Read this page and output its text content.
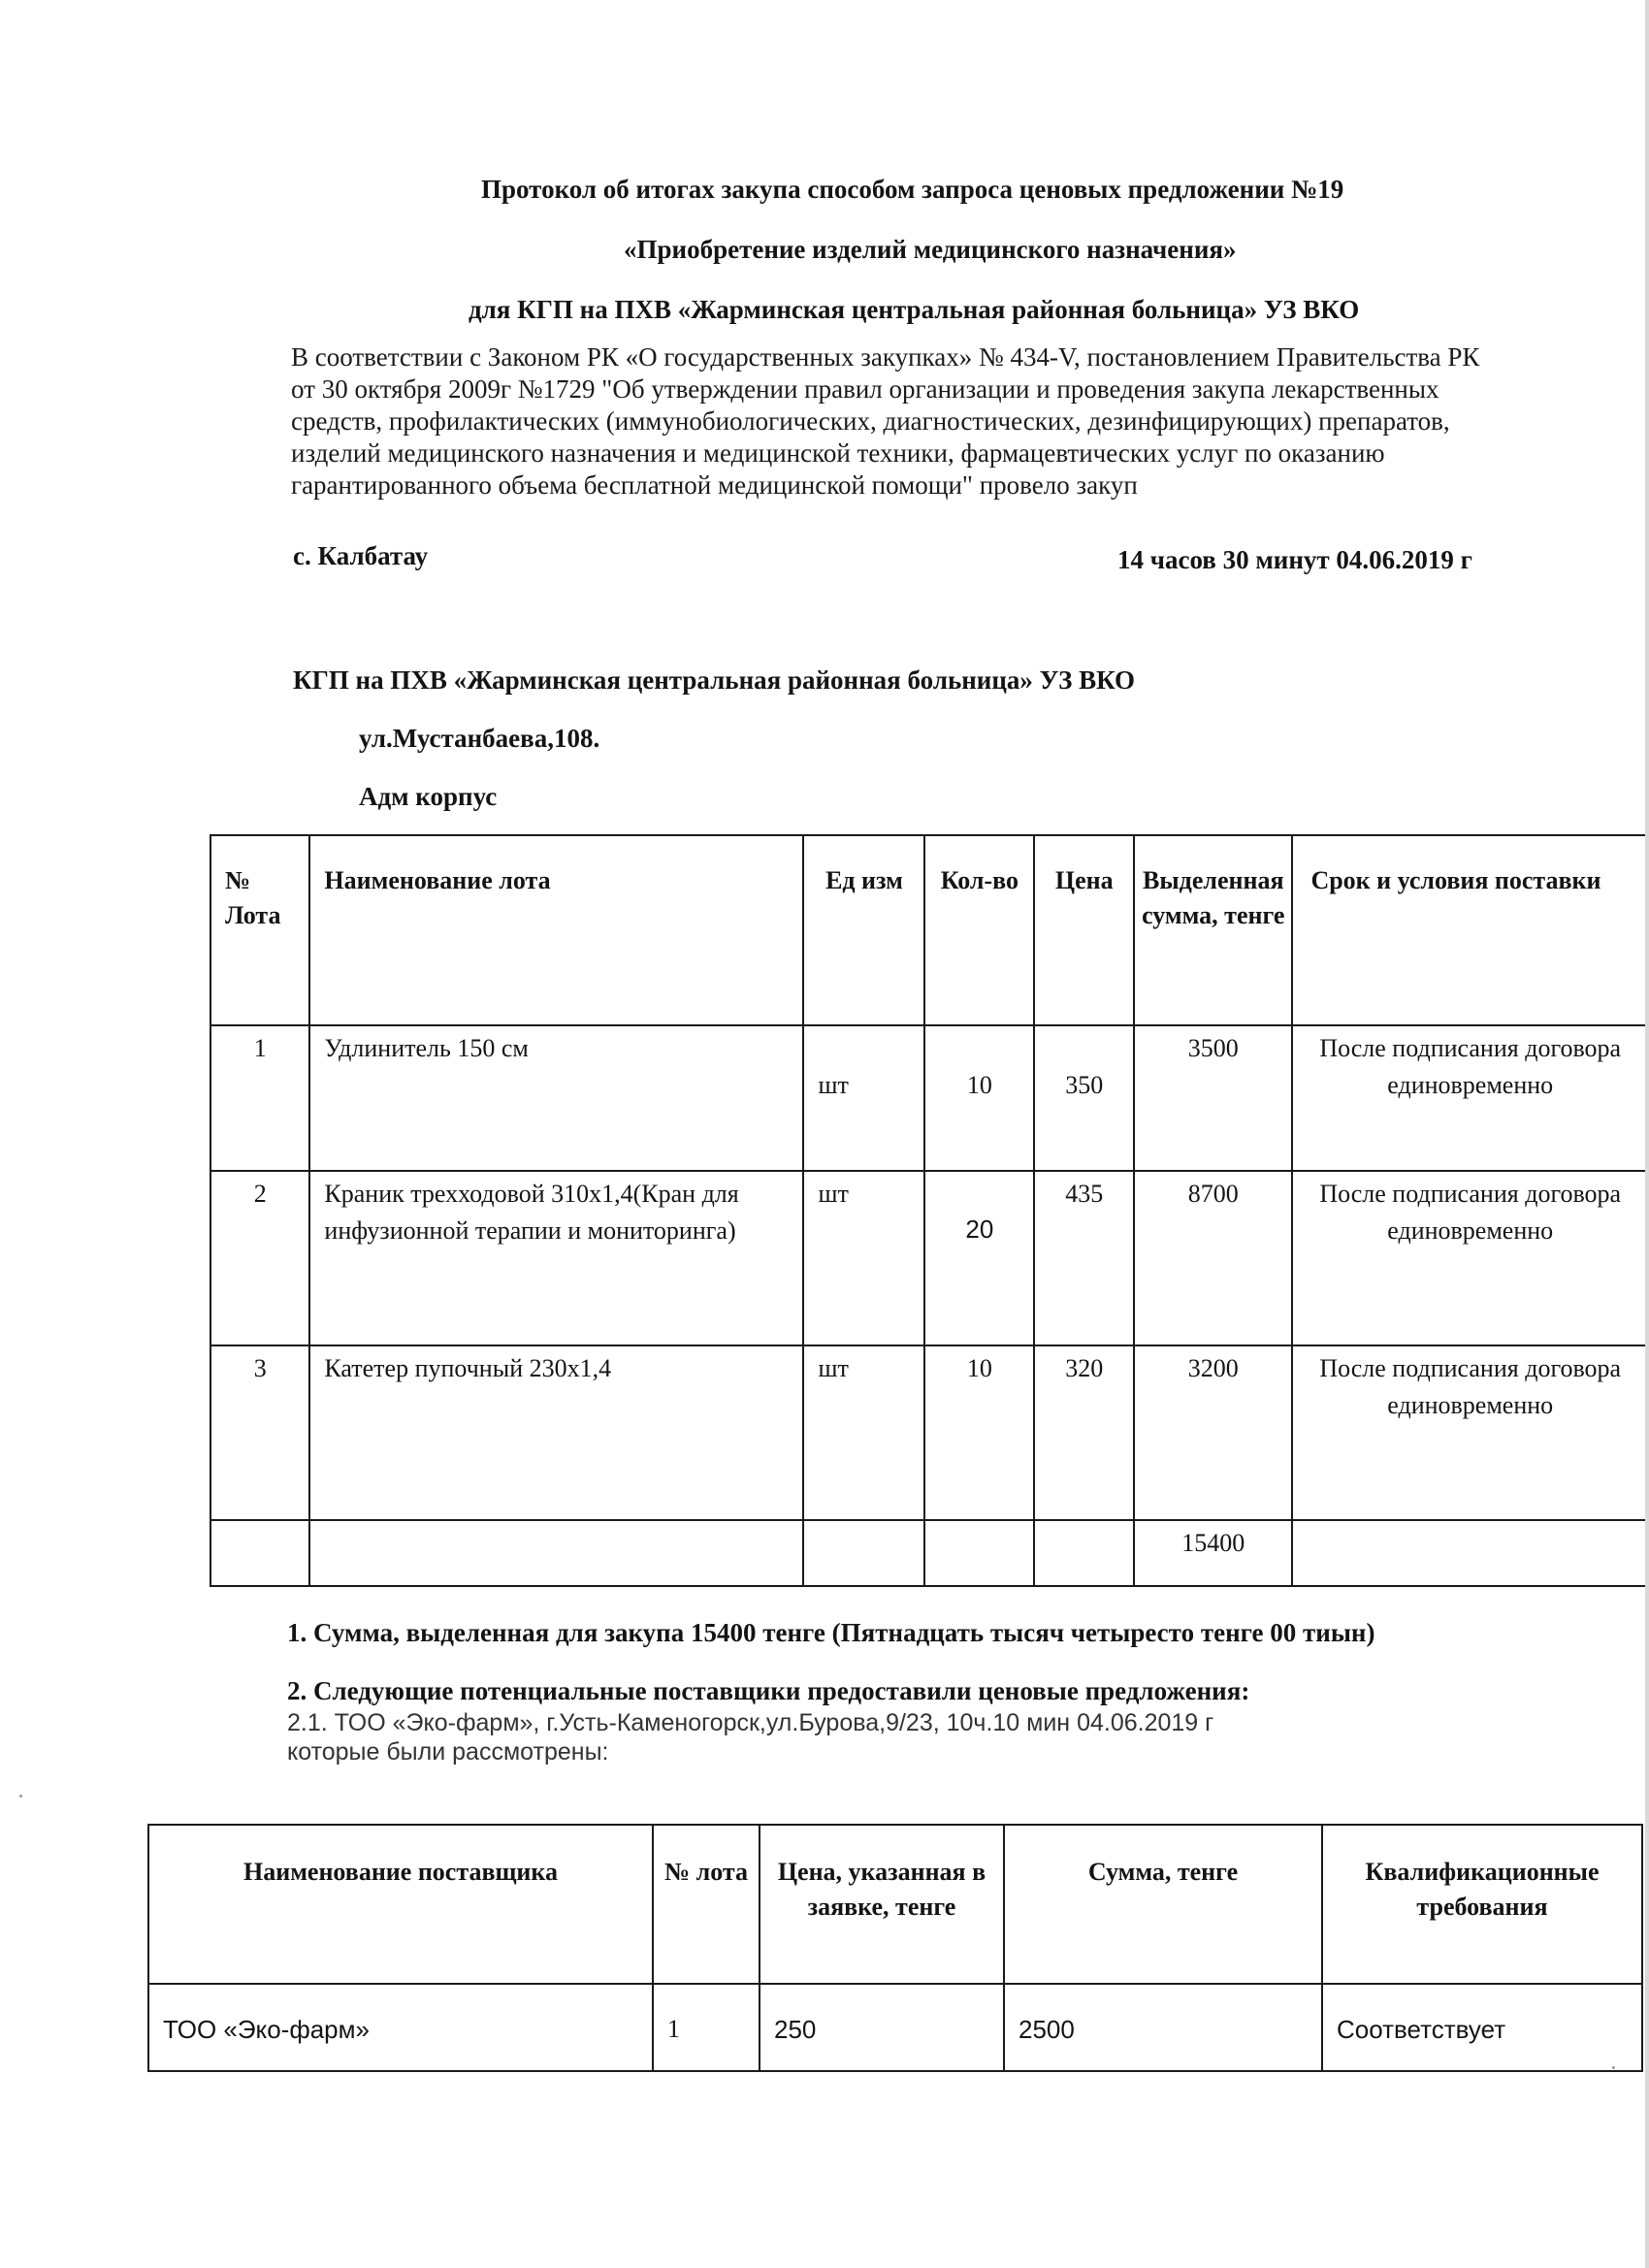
Протокол об итогах закупа способом запроса ценовых предложении №19
«Приобретение изделий медицинского назначения»
для КГП на ПХВ «Жарминская центральная районная больница» УЗ ВКО
В соответствии с Законом РК «О государственных закупках» № 434-V, постановлением Правительства РК
от 30 октября 2009г №1729 "Об утверждении правил организации и проведения закупа лекарственных
средств, профилактических (иммунобиологических, диагностических, дезинфицирующих) препаратов,
изделий медицинского назначения и медицинской техники, фармацевтических услуг по оказанию
гарантированного объема бесплатной медицинской помощи" провело закуп
с. Калбатау	14 часов 30 минут 04.06.2019 г
КГП на ПХВ «Жарминская центральная районная больница» УЗ ВКО
ул.Мустанбаева,108.
Адм корпус
№ Лота	Наименование лота	Ед изм	Кол-во	Цена	Выделенная сумма, тенге	Срок и условия поставки
1	Удлинитель 150 см	шт	10	350	3500	После подписания договора единовременно
2	Краник трехходовой 310х1,4(Кран для инфузионной терапии и мониторинга)	шт	20	435	8700	После подписания договора единовременно
3	Катетер пупочный 230х1,4	шт	10	320	3200	После подписания договора единовременно
					15400	
1. Сумма, выделенная для закупа 15400 тенге (Пятнадцать тысяч четыресто тенге 00 тиын)
2. Следующие потенциальные поставщики предоставили ценовые предложения:
2.1. ТОО «Эко-фарм», г.Усть-Каменогорск,ул.Бурова,9/23, 10ч.10 мин 04.06.2019 г
которые были рассмотрены:
Наименование поставщика	№ лота	Цена, указанная в заявке, тенге	Сумма, тенге	Квалификационные требования
ТОО «Эко-фарм»	1	250	2500	Соответствует
